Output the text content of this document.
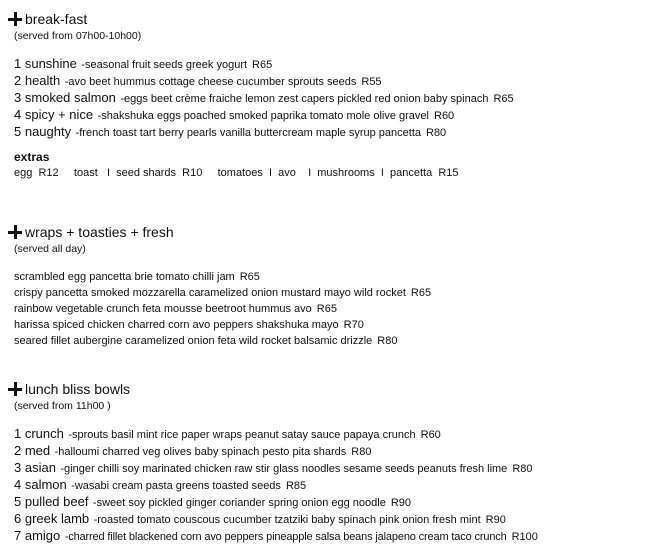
break-fast
(served from 07h00-10h00)
1 sunshine -seasonal fruit seeds greek yogurt R65
2 health -avo beet hummus cottage cheese cucumber sprouts seeds R55
3 smoked salmon -eggs beet crème fraiche lemon zest capers pickled red onion baby spinach R65
4 spicy + nice -shakshuka eggs poached smoked paprika tomato mole olive gravel R60
5 naughty -french toast tart berry pearls vanilla buttercream maple syrup pancetta R80
extras
egg  R12     toast   I  seed shards  R10     tomatoes  I  avo    I  mushrooms  I  pancetta  R15
wraps + toasties + fresh
(served all day)
scrambled egg pancetta brie tomato chilli jam R65
crispy pancetta smoked mozzarella caramelized onion mustard mayo wild rocket R65
rainbow vegetable crunch feta mousse beetroot hummus avo R65
harissa spiced chicken charred corn avo peppers shakshuka mayo R70
seared fillet aubergine caramelized onion feta wild rocket balsamic drizzle R80
lunch bliss bowls
(served from 11h00 )
1 crunch -sprouts basil mint rice paper wraps peanut satay sauce papaya crunch R60
2 med -halloumi charred veg olives baby spinach pesto pita shards R80
3 asian -ginger chilli soy marinated chicken raw stir glass noodles sesame seeds peanuts fresh lime R80
4 salmon -wasabi cream pasta greens toasted seeds R85
5 pulled beef -sweet soy pickled ginger coriander spring onion egg noodle R90
6 greek lamb -roasted tomato couscous cucumber tzatziki baby spinach pink onion fresh mint R90
7 amigo -charred fillet blackened corn avo peppers pineapple salsa beans jalapeno cream taco crunch R100
